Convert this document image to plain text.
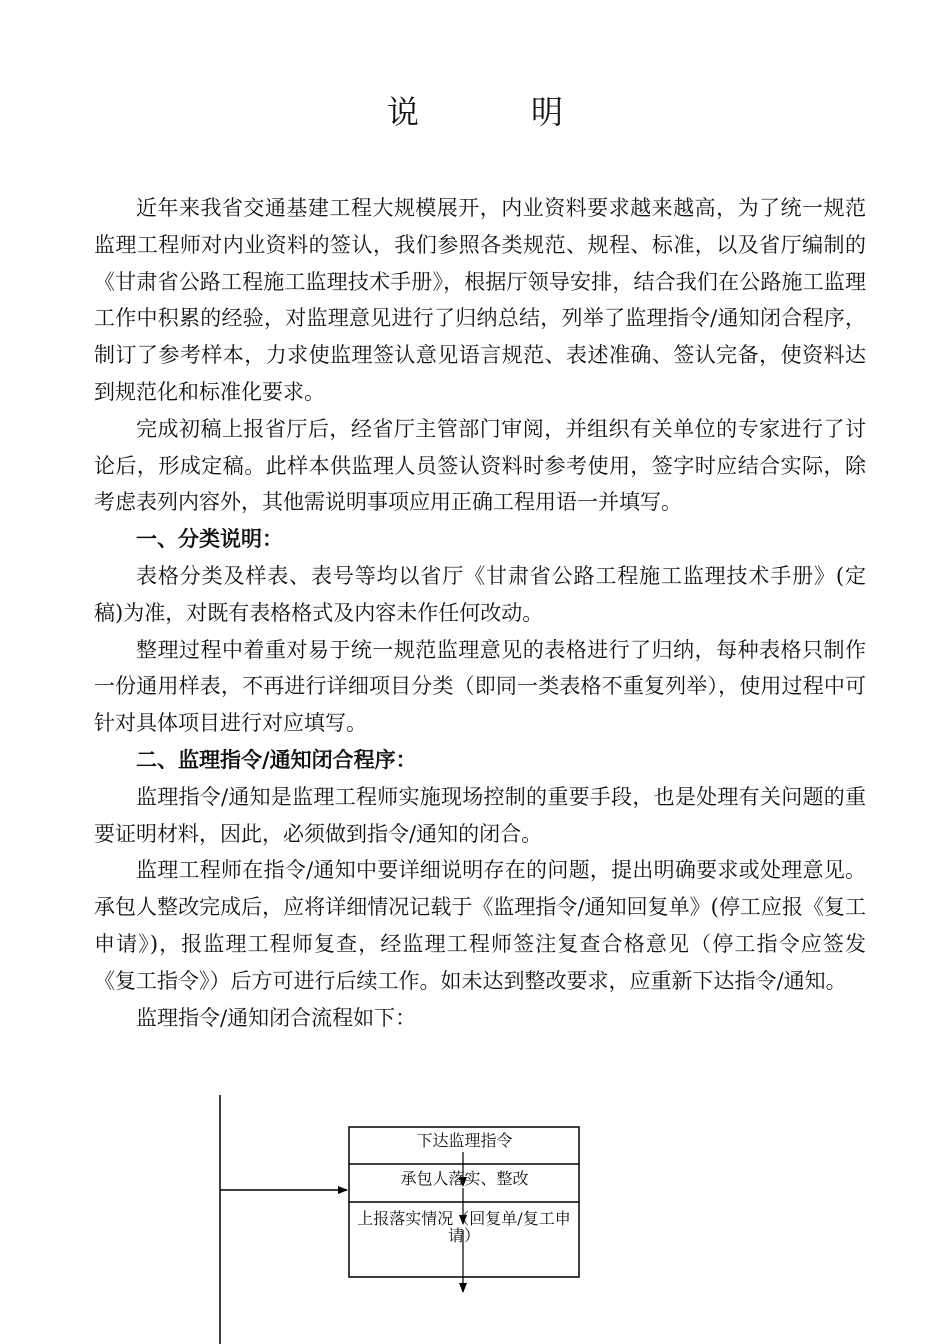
说　明

近年来我省交通基建工程大规模展开，内业资料要求越来越高，为了统一规范监理工程师对内业资料的签认，我们参照各类规范、规程、标准，以及省厅编制的《甘肃省公路工程施工监理技术手册》，根据厅领导安排，结合我们在公路施工监理工作中积累的经验，对监理意见进行了归纳总结，列举了监理指令/通知闭合程序，制订了参考样本，力求使监理签认意见语言规范、表述准确、签认完备，使资料达到规范化和标准化要求。

完成初稿上报省厅后，经省厅主管部门审阅，并组织有关单位的专家进行了讨论后，形成定稿。此样本供监理人员签认资料时参考使用，签字时应结合实际，除考虑表列内容外，其他需说明事项应用正确工程用语一并填写。

一、分类说明：

表格分类及样表、表号等均以省厅《甘肃省公路工程施工监理技术手册》(定稿)为准，对既有表格格式及内容未作任何改动。

整理过程中着重对易于统一规范监理意见的表格进行了归纳，每种表格只制作一份通用样表，不再进行详细项目分类（即同一类表格不重复列举），使用过程中可针对具体项目进行对应填写。

二、监理指令/通知闭合程序：

监理指令/通知是监理工程师实施现场控制的重要手段，也是处理有关问题的重要证明材料，因此，必须做到指令/通知的闭合。

监理工程师在指令/通知中要详细说明存在的问题，提出明确要求或处理意见。承包人整改完成后，应将详细情况记载于《监理指令/通知回复单》(停工应报《复工申请》)，报监理工程师复查，经监理工程师签注复查合格意见（停工指令应签发《复工指令》）后方可进行后续工作。如未达到整改要求，应重新下达指令/通知。

监理指令/通知闭合流程如下：

下达监理指令
承包人落实、整改
上报落实情况（回复单/复工申请）
